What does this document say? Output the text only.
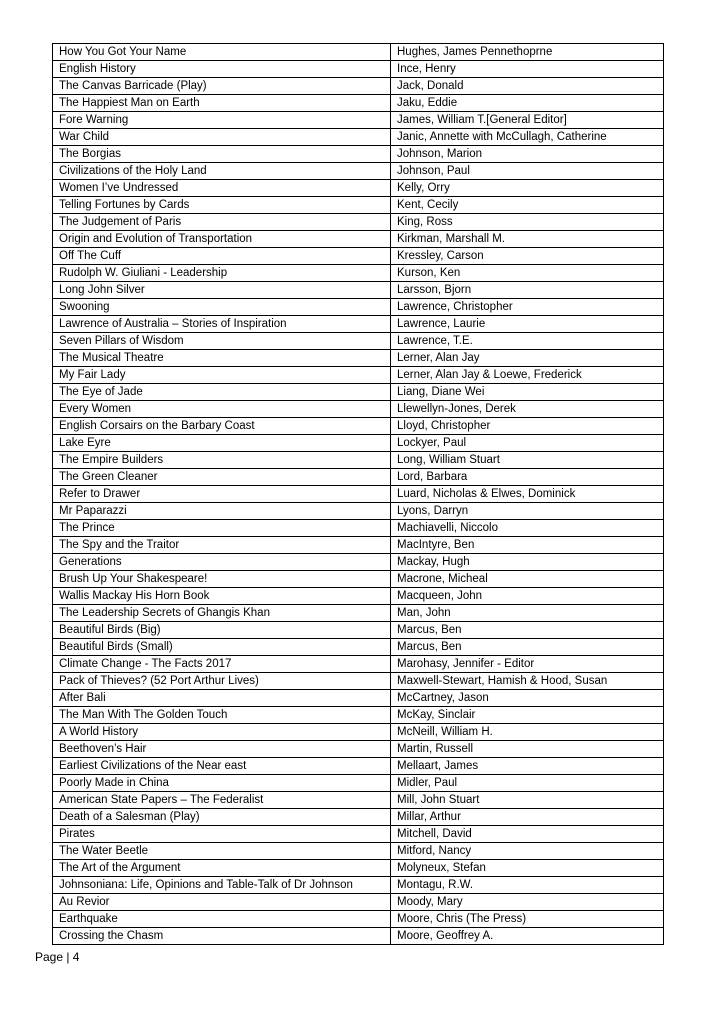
How You Got Your Name	Hughes, James Pennethoprne
English History	Ince, Henry
The Canvas Barricade (Play)	Jack, Donald
The Happiest Man on Earth	Jaku, Eddie
Fore Warning	James, William T.[General Editor]
War Child	Janic, Annette with McCullagh, Catherine
The Borgias	Johnson, Marion
Civilizations of the Holy Land	Johnson, Paul
Women I’ve Undressed	Kelly, Orry
Telling Fortunes by Cards	Kent, Cecily
The Judgement of Paris	King, Ross
Origin and Evolution of Transportation	Kirkman, Marshall M.
Off The Cuff	Kressley, Carson
Rudolph W. Giuliani - Leadership	Kurson, Ken
Long John Silver	Larsson, Bjorn
Swooning	Lawrence, Christopher
Lawrence of Australia – Stories of Inspiration	Lawrence, Laurie
Seven Pillars of Wisdom	Lawrence, T.E.
The Musical Theatre	Lerner, Alan Jay
My Fair Lady	Lerner, Alan Jay & Loewe, Frederick
The Eye of Jade	Liang, Diane Wei
Every Women	Llewellyn-Jones, Derek
English Corsairs on the Barbary Coast	Lloyd, Christopher
Lake Eyre	Lockyer, Paul
The Empire Builders	Long, William Stuart
The Green Cleaner	Lord, Barbara
Refer to Drawer	Luard, Nicholas & Elwes, Dominick
Mr Paparazzi	Lyons, Darryn
The Prince	Machiavelli, Niccolo
The Spy and the Traitor	MacIntyre, Ben
Generations	Mackay, Hugh
Brush Up Your Shakespeare!	Macrone, Micheal
Wallis Mackay His Horn Book	Macqueen, John
The Leadership Secrets of Ghangis Khan	Man, John
Beautiful Birds (Big)	Marcus, Ben
Beautiful Birds (Small)	Marcus, Ben
Climate Change - The Facts 2017	Marohasy, Jennifer - Editor
Pack of Thieves? (52 Port Arthur Lives)	Maxwell-Stewart, Hamish & Hood, Susan
After Bali	McCartney, Jason
The Man With The Golden Touch	McKay, Sinclair
A World History	McNeill, William H.
Beethoven’s Hair	Martin, Russell
Earliest Civilizations of the Near east	Mellaart, James
Poorly Made in China	Midler, Paul
American State Papers – The Federalist	Mill, John Stuart
Death of a Salesman (Play)	Millar, Arthur
Pirates	Mitchell, David
The Water Beetle	Mitford, Nancy
The Art of the Argument	Molyneux, Stefan
Johnsoniana: Life, Opinions and Table-Talk of Dr Johnson	Montagu, R.W.
Au Revior	Moody, Mary
Earthquake	Moore, Chris (The Press)
Crossing the Chasm	Moore, Geoffrey A.
Page | 4
